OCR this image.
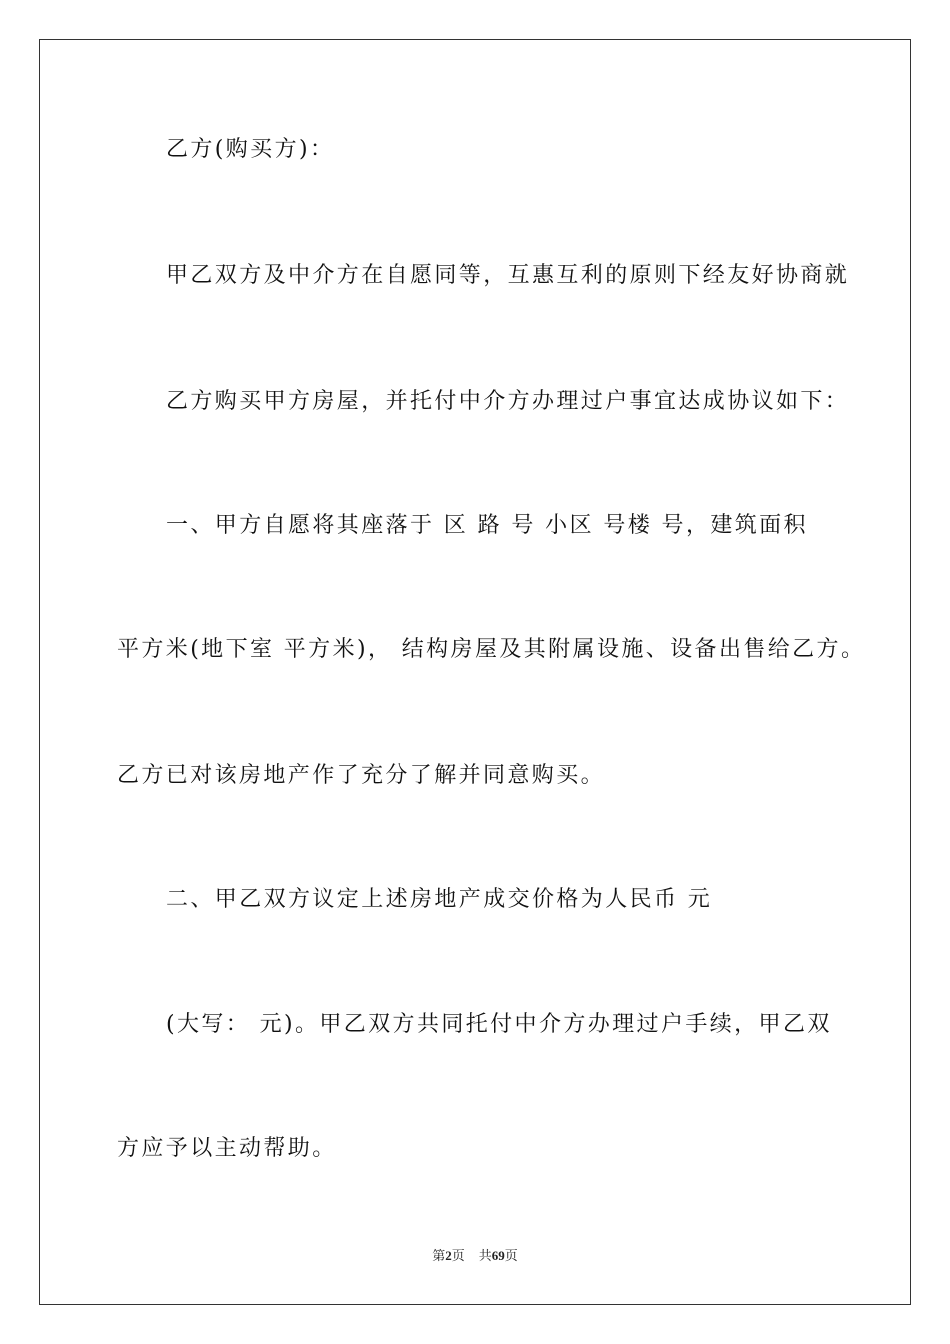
乙方(购买方)：
甲乙双方及中介方在自愿同等，互惠互利的原则下经友好协商就
乙方购买甲方房屋，并托付中介方办理过户事宜达成协议如下：
一、甲方自愿将其座落于 区 路 号 小区 号楼 号，建筑面积
平方米(地下室 平方米)， 结构房屋及其附属设施、设备出售给乙方。
乙方已对该房地产作了充分了解并同意购买。
二、甲乙双方议定上述房地产成交价格为人民币 元
(大写： 元)。甲乙双方共同托付中介方办理过户手续，甲乙双
方应予以主动帮助。
第2页 共69页
